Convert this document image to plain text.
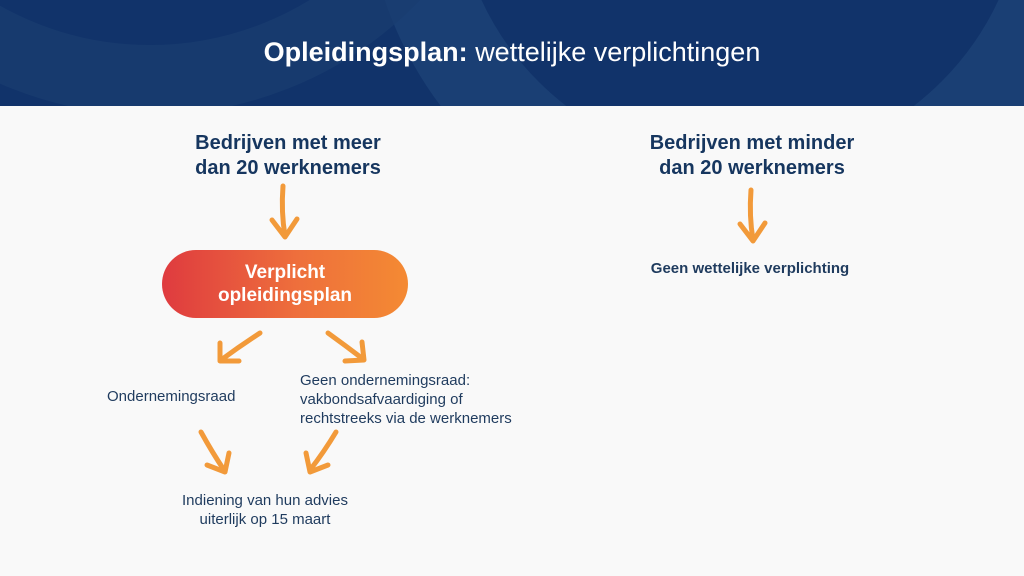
Opleidingsplan: wettelijke verplichtingen
Bedrijven met meer
dan 20 werknemers
Bedrijven met minder
dan 20 werknemers
Verplicht
opleidingsplan
Ondernemingsraad
Geen ondernemingsraad:
vakbondsafvaardiging of
rechtstreeks via de werknemers
Indiening van hun advies
uiterlijk op 15 maart
Geen wettelijke verplichting
